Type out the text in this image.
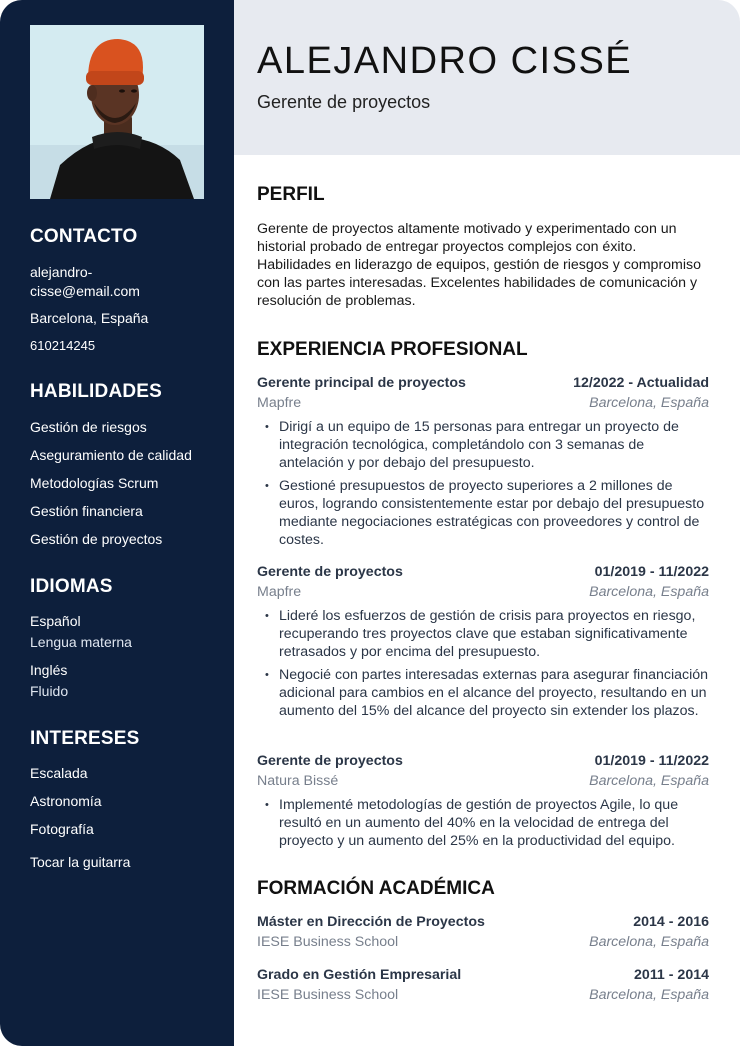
CONTACTO
alejandro-
cisse@email.com
Barcelona, España
610214245
HABILIDADES
Gestión de riesgos
Aseguramiento de calidad
Metodologías Scrum
Gestión financiera
Gestión de proyectos
IDIOMAS
Español
Lengua materna
Inglés
Fluido
INTERESES
Escalada
Astronomía
Fotografía
Tocar la guitarra
ALEJANDRO CISSÉ
Gerente de proyectos
PERFIL
Gerente de proyectos altamente motivado y experimentado con un historial probado de entregar proyectos complejos con éxito. Habilidades en liderazgo de equipos, gestión de riesgos y compromiso con las partes interesadas. Excelentes habilidades de comunicación y resolución de problemas.
EXPERIENCIA PROFESIONAL
Gerente principal de proyectos	12/2022 - Actualidad
Mapfre	Barcelona, España
• Dirigí a un equipo de 15 personas para entregar un proyecto de integración tecnológica, completándolo con 3 semanas de antelación y por debajo del presupuesto.
• Gestioné presupuestos de proyecto superiores a 2 millones de euros, logrando consistentemente estar por debajo del presupuesto mediante negociaciones estratégicas con proveedores y control de costes.
Gerente de proyectos	01/2019 - 11/2022
Mapfre	Barcelona, España
• Lideré los esfuerzos de gestión de crisis para proyectos en riesgo, recuperando tres proyectos clave que estaban significativamente retrasados y por encima del presupuesto.
• Negocié con partes interesadas externas para asegurar financiación adicional para cambios en el alcance del proyecto, resultando en un aumento del 15% del alcance del proyecto sin extender los plazos.
Gerente de proyectos	01/2019 - 11/2022
Natura Bissé	Barcelona, España
• Implementé metodologías de gestión de proyectos Agile, lo que resultó en un aumento del 40% en la velocidad de entrega del proyecto y un aumento del 25% en la productividad del equipo.
FORMACIÓN ACADÉMICA
Máster en Dirección de Proyectos	2014 - 2016
IESE Business School	Barcelona, España
Grado en Gestión Empresarial	2011 - 2014
IESE Business School	Barcelona, España
